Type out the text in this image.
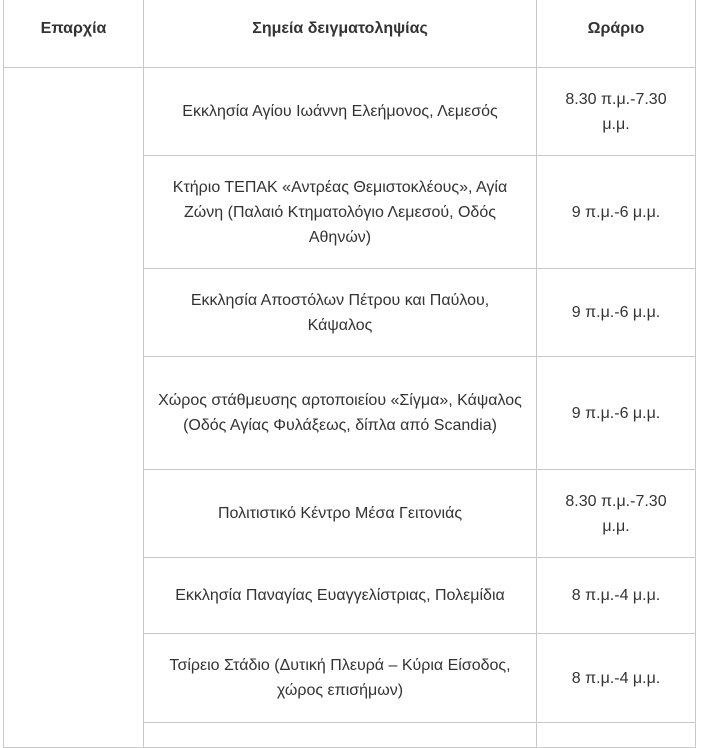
Επαρχία	Σημεία δειγματοληψίας	Ωράριο
	Εκκλησία Αγίου Ιωάννη Ελεήμονος, Λεμεσός	8.30 π.μ.-7.30 μ.μ.
	Κτήριο ΤΕΠΑΚ «Αντρέας Θεμιστοκλέους», Αγία Ζώνη (Παλαιό Κτηματολόγιο Λεμεσού, Οδός Αθηνών)	9 π.μ.-6 μ.μ.
	Εκκλησία Αποστόλων Πέτρου και Παύλου, Κάψαλος	9 π.μ.-6 μ.μ.
	Χώρος στάθμευσης αρτοποιείου «Σίγμα», Κάψαλος (Οδός Αγίας Φυλάξεως, δίπλα από Scandia)	9 π.μ.-6 μ.μ.
	Πολιτιστικό Κέντρο Μέσα Γειτονιάς	8.30 π.μ.-7.30 μ.μ.
	Εκκλησία Παναγίας Ευαγγελίστριας, Πολεμίδια	8 π.μ.-4 μ.μ.
	Τσίρειο Στάδιο (Δυτική Πλευρά – Κύρια Είσοδος, χώρος επισήμων)	8 π.μ.-4 μ.μ.
